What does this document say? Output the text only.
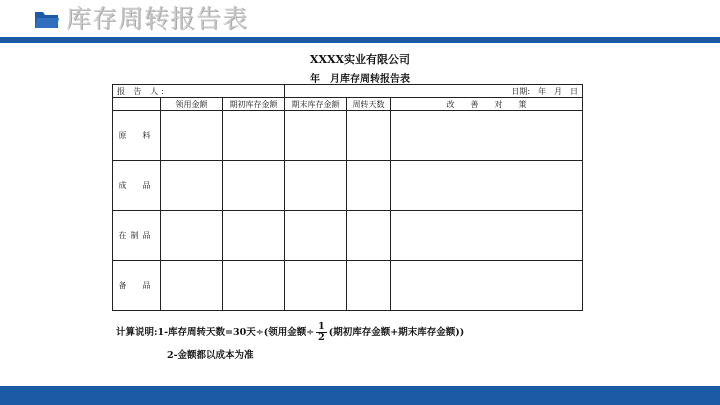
库存周转报告表
XXXX实业有限公司
年　月库存周转报告表
报 告 人:			日期:　年　月　日		
	领用金额	期初库存金额	期末库存金额	周转天数	改　　善　　对　　策
原　料					
成　品					
在制品					
备　品					
计算说明:1-库存周转天数=30天÷(领用金额÷ $\frac{1}{2}$ (期初库存金额+期末库存金额))
2-金额都以成本为准
